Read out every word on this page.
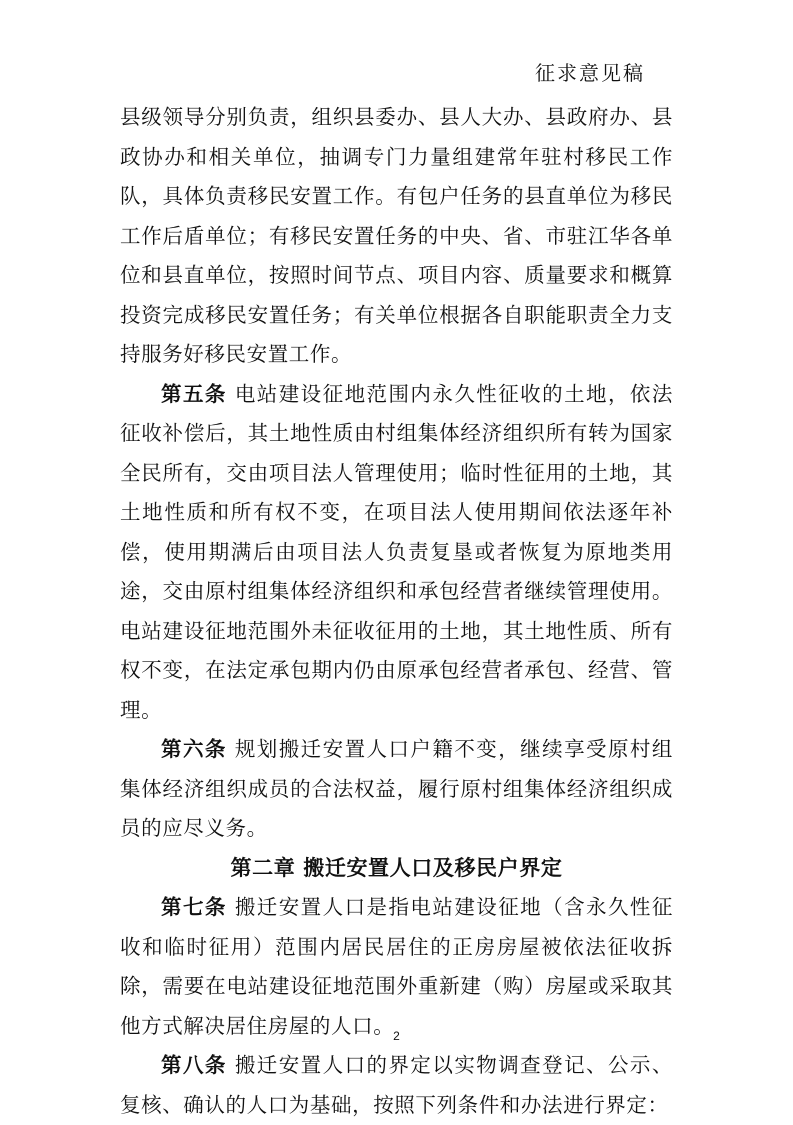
征求意见稿

县级领导分别负责，组织县委办、县人大办、县政府办、县政协办和相关单位，抽调专门力量组建常年驻村移民工作队，具体负责移民安置工作。有包户任务的县直单位为移民工作后盾单位；有移民安置任务的中央、省、市驻江华各单位和县直单位，按照时间节点、项目内容、质量要求和概算投资完成移民安置任务；有关单位根据各自职能职责全力支持服务好移民安置工作。

第五条 电站建设征地范围内永久性征收的土地，依法征收补偿后，其土地性质由村组集体经济组织所有转为国家全民所有，交由项目法人管理使用；临时性征用的土地，其土地性质和所有权不变，在项目法人使用期间依法逐年补偿，使用期满后由项目法人负责复垦或者恢复为原地类用途，交由原村组集体经济组织和承包经营者继续管理使用。电站建设征地范围外未征收征用的土地，其土地性质、所有权不变，在法定承包期内仍由原承包经营者承包、经营、管理。

第六条 规划搬迁安置人口户籍不变，继续享受原村组集体经济组织成员的合法权益，履行原村组集体经济组织成员的应尽义务。

第二章 搬迁安置人口及移民户界定

第七条 搬迁安置人口是指电站建设征地（含永久性征收和临时征用）范围内居民居住的正房房屋被依法征收拆除，需要在电站建设征地范围外重新建（购）房屋或采取其他方式解决居住房屋的人口。

第八条 搬迁安置人口的界定以实物调查登记、公示、复核、确认的人口为基础，按照下列条件和办法进行界定：

2
